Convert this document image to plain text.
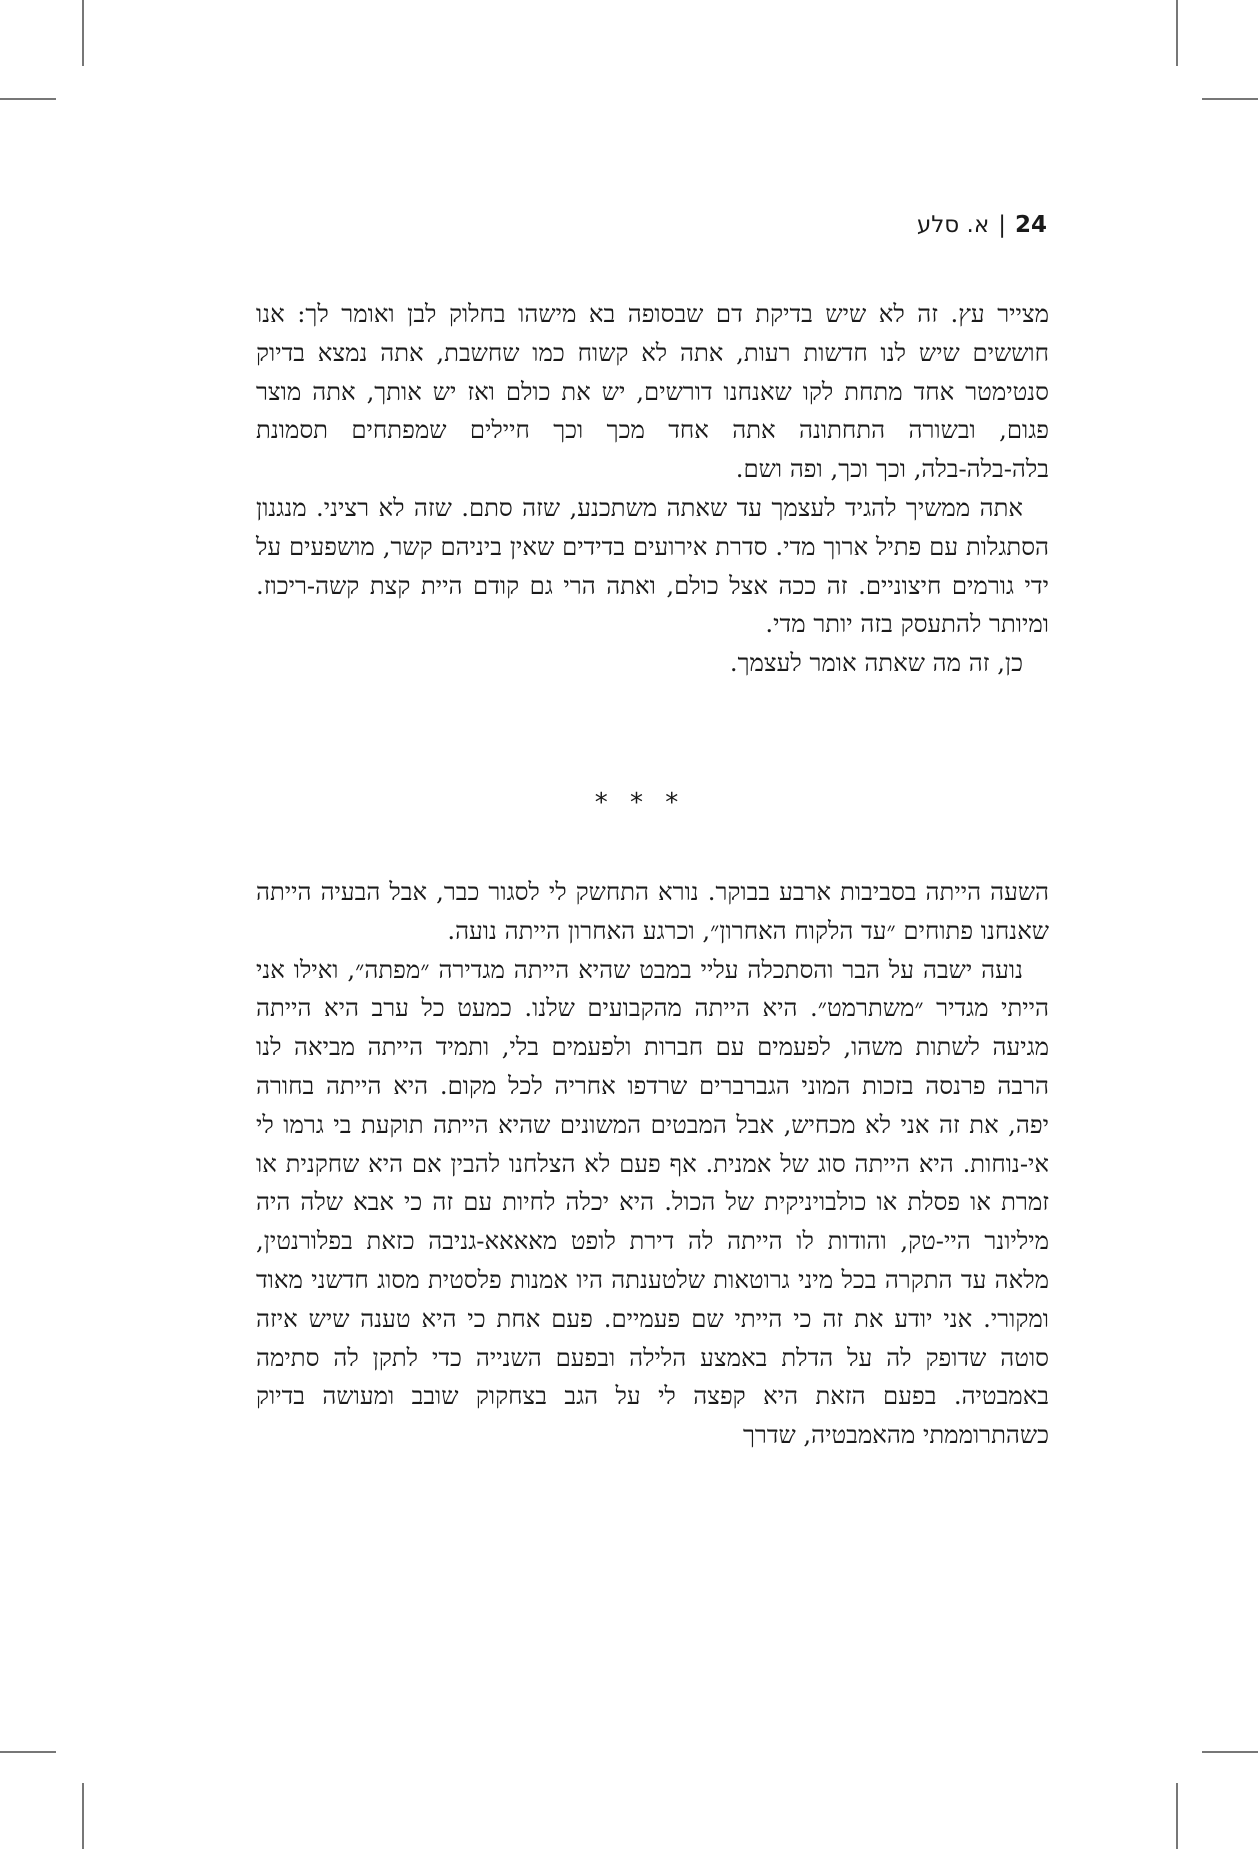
24|א. סלע

מצייר עץ. זה לא שיש בדיקת דם שבסופה בא מישהו בחלוק לבן ואומר לך: אנו חוששים שיש לנו חדשות רעות, אתה לא קשוח כמו שחשבת, אתה נמצא בדיוק סנטימטר אחד מתחת לקו שאנחנו דורשים, יש את כולם ואז יש אותך, אתה מוצר פגום, ובשורה התחתונה אתה אחד מכך וכך חיילים שמפתחים תסמונת בלה-בלה-בלה, וכך וכך, ופה ושם.

אתה ממשיך להגיד לעצמך עד שאתה משתכנע, שזה סתם. שזה לא רציני. מנגנון הסתגלות עם פתיל ארוך מדי. סדרת אירועים בדידים שאין ביניהם קשר, מושפעים על ידי גורמים חיצוניים. זה ככה אצל כולם, ואתה הרי גם קודם היית קצת קשה-ריכוז. ומיותר להתעסק בזה יותר מדי.

כן, זה מה שאתה אומר לעצמך.

* * *

השעה הייתה בסביבות ארבע בבוקר. נורא התחשק לי לסגור כבר, אבל הבעיה הייתה שאנחנו פתוחים ״עד הלקוח האחרון״, וכרגע האחרון הייתה נועה.

נועה ישבה על הבר והסתכלה עליי במבט שהיא הייתה מגדירה ״מפתה״, ואילו אני הייתי מגדיר ״משתרמט״. היא הייתה מהקבועים שלנו. כמעט כל ערב היא הייתה מגיעה לשתות משהו, לפעמים עם חברות ולפעמים בלי, ותמיד הייתה מביאה לנו הרבה פרנסה בזכות המוני הגברברים שרדפו אחריה לכל מקום. היא הייתה בחורה יפה, את זה אני לא מכחיש, אבל המבטים המשונים שהיא הייתה תוקעת בי גרמו לי אי-נוחות. היא הייתה סוג של אמנית. אף פעם לא הצלחנו להבין אם היא שחקנית או זמרת או פסלת או כולבויניקית של הכול. היא יכלה לחיות עם זה כי אבא שלה היה מיליונר היי-טק, והודות לו הייתה לה דירת לופט מאאאא-גניבה כזאת בפלורנטין, מלאה עד התקרה בכל מיני גרוטאות שלטענתה היו אמנות פלסטית מסוג חדשני מאוד ומקורי. אני יודע את זה כי הייתי שם פעמיים. פעם אחת כי היא טענה שיש איזה סוטה שדופק לה על הדלת באמצע הלילה ובפעם השנייה כדי לתקן לה סתימה באמבטיה. בפעם הזאת היא קפצה לי על הגב בצחקוק שובב ומעושה בדיוק כשהתרוממתי מהאמבטיה, שדרך
